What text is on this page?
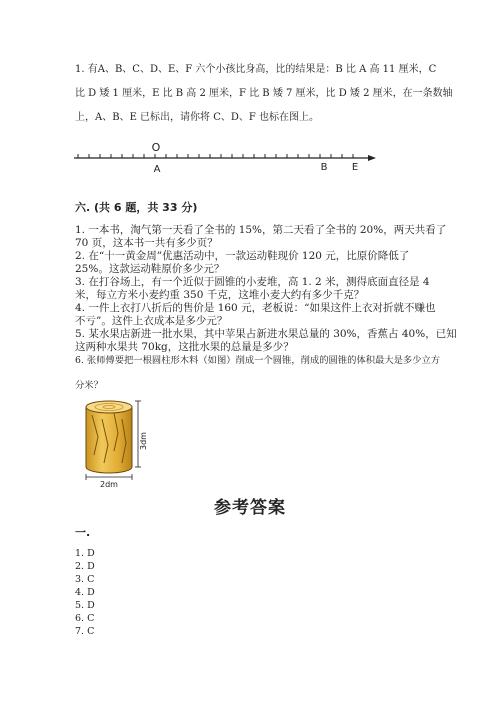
1. 有A、B、C、D、E、F 六个小孩比身高，比的结果是：B 比 A 高 11 厘米，C
比 D 矮 1 厘米，E 比 B 高 2 厘米，F 比 B 矮 7 厘米，比 D 矮 2 厘米，在一条数轴
上，A、B、E 已标出，请你将 C、D、F 也标在图上。
O
A	B E
六. (共 6 题，共 33 分)
1. 一本书，淘气第一天看了全书的 15%，第二天看了全书的 20%，两天共看了
70 页，这本书一共有多少页？
2. 在“十一黄金周”优惠活动中，一款运动鞋现价 120 元，比原价降低了
25%。这款运动鞋原价多少元？
3. 在打谷场上，有一个近似于圆锥的小麦堆，高 1. 2 米，测得底面直径是 4
米，每立方米小麦约重 350 千克，这堆小麦大约有多少千克？
4. 一件上衣打八折后的售价是 160 元，老板说：“如果这件上衣对折就不赚也
不亏”。这件上衣成本是多少元？
5. 某水果店新进一批水果，其中苹果占新进水果总量的 30%，香蕉占 40%，已知
这两种水果共 70kg，这批水果的总量是多少？
6. 张师傅要把一根圆柱形木料（如图）削成一个圆锥，削成的圆锥的体积最大是多少立方
分米？
3dm
2dm
参考答案
一.
1. D
2. D
3. C
4. D
5. D
6. C
7. C
